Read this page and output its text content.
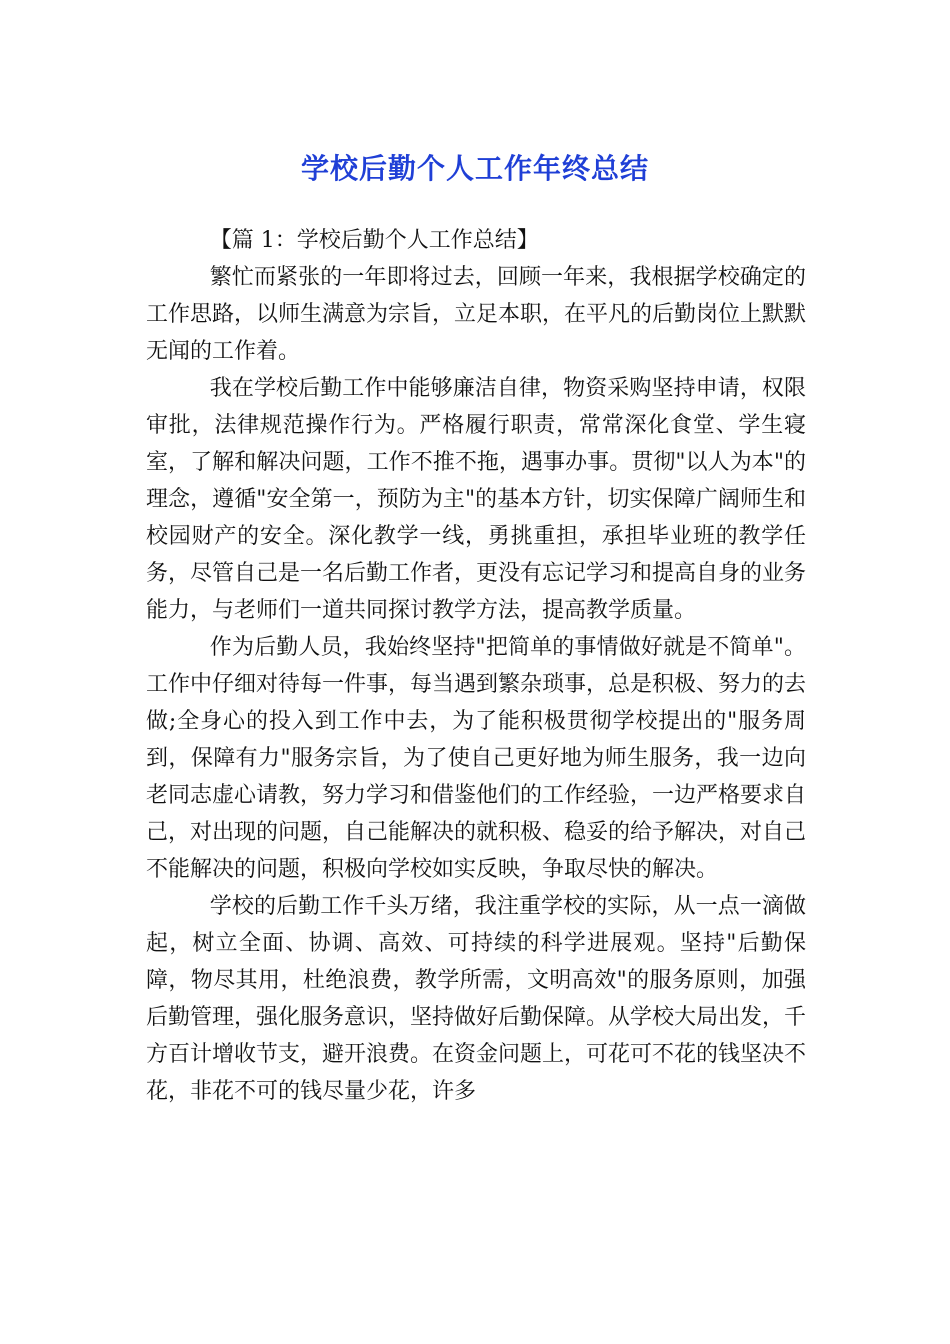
学校后勤个人工作年终总结

【篇 1：学校后勤个人工作总结】

繁忙而紧张的一年即将过去，回顾一年来，我根据学校确定的工作思路，以师生满意为宗旨，立足本职，在平凡的后勤岗位上默默无闻的工作着。

我在学校后勤工作中能够廉洁自律，物资采购坚持申请，权限审批，法律规范操作行为。严格履行职责，常常深化食堂、学生寝室，了解和解决问题，工作不推不拖，遇事办事。贯彻"以人为本"的理念，遵循"安全第一，预防为主"的基本方针，切实保障广阔师生和校园财产的安全。深化教学一线，勇挑重担，承担毕业班的教学任务，尽管自己是一名后勤工作者，更没有忘记学习和提高自身的业务能力，与老师们一道共同探讨教学方法，提高教学质量。

作为后勤人员，我始终坚持"把简单的事情做好就是不简单"。工作中仔细对待每一件事，每当遇到繁杂琐事，总是积极、努力的去做;全身心的投入到工作中去，为了能积极贯彻学校提出的"服务周到，保障有力"服务宗旨，为了使自己更好地为师生服务，我一边向老同志虚心请教，努力学习和借鉴他们的工作经验，一边严格要求自己，对出现的问题，自己能解决的就积极、稳妥的给予解决，对自己不能解决的问题，积极向学校如实反映，争取尽快的解决。

学校的后勤工作千头万绪，我注重学校的实际，从一点一滴做起，树立全面、协调、高效、可持续的科学进展观。坚持"后勤保障，物尽其用，杜绝浪费，教学所需，文明高效"的服务原则，加强后勤管理，强化服务意识，坚持做好后勤保障。从学校大局出发，千方百计增收节支，避开浪费。在资金问题上，可花可不花的钱坚决不花，非花不可的钱尽量少花，许多
